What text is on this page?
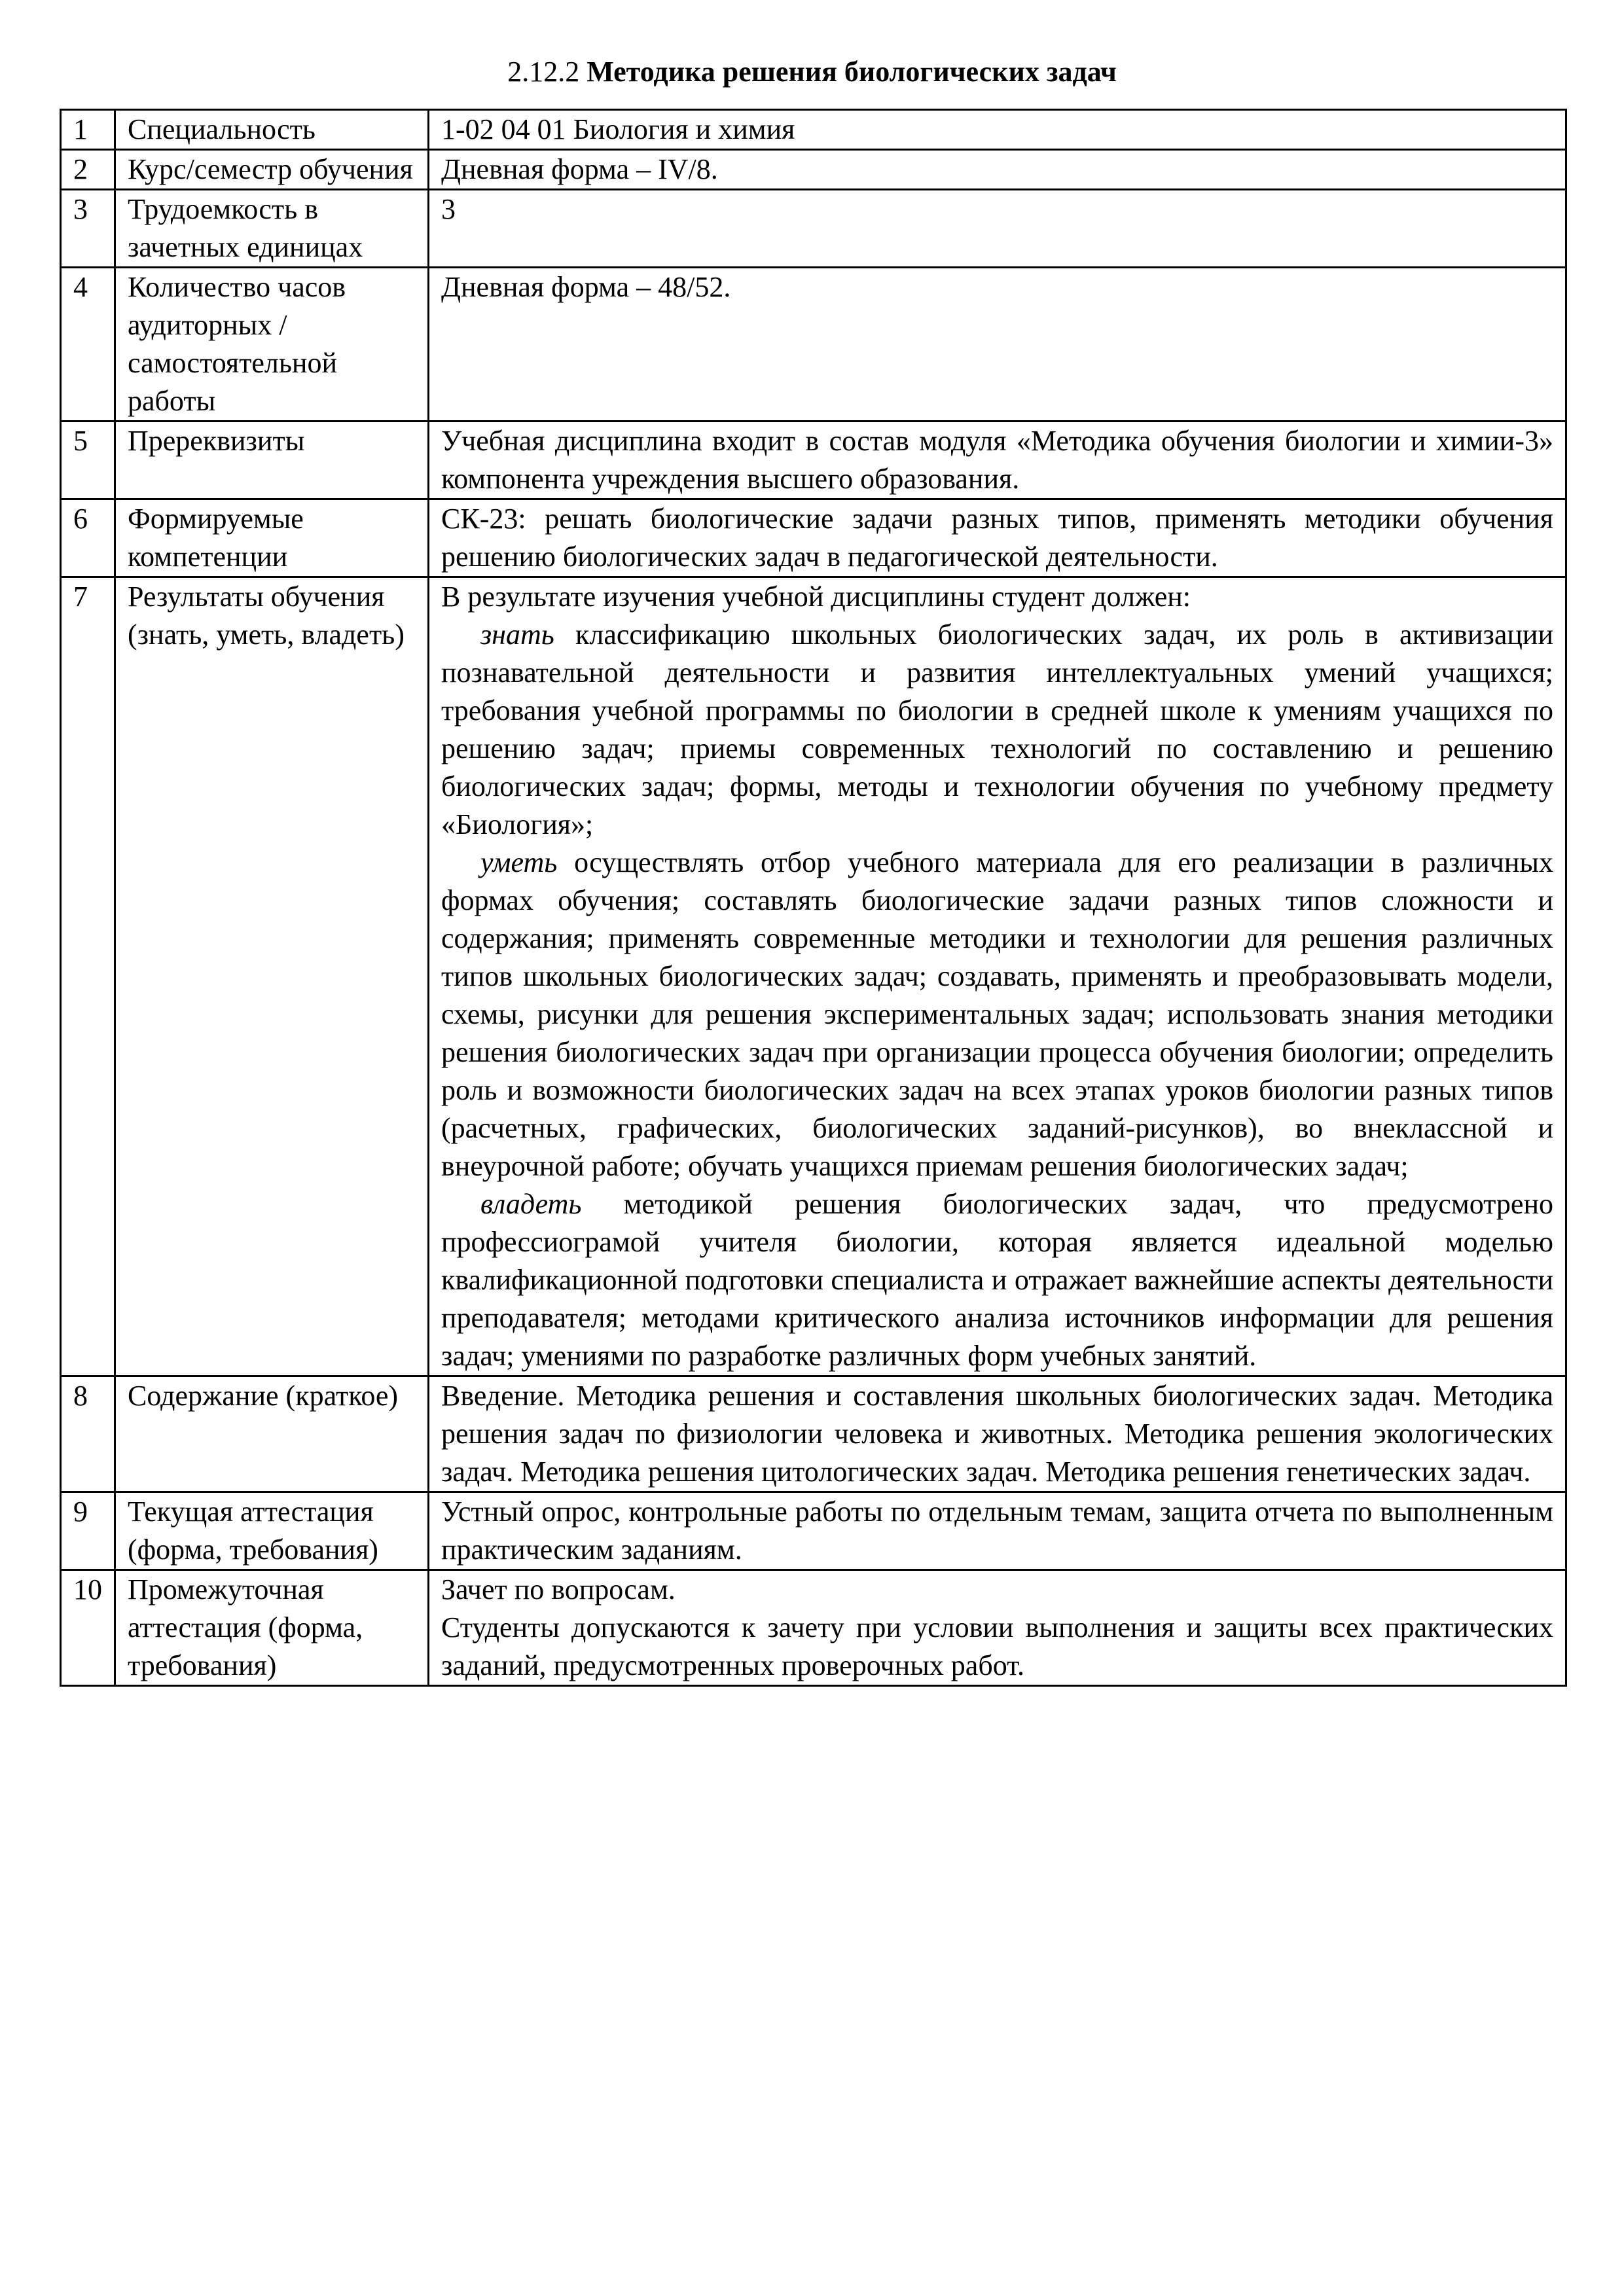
2.12.2 Методика решения биологических задач
1	Специальность	1-02 04 01 Биология и химия

2	Курс/семестр обучения	Дневная форма – IV/8.

3	Трудоемкость в зачетных единицах	3

4	Количество часов аудиторных / самостоятельной работы	Дневная форма – 48/52.

5	Пререквизиты	Учебная дисциплина входит в состав модуля «Методика обучения биологии и химии-3» компонента учреждения высшего образования.

6	Формируемые компетенции	СК-23: решать биологические задачи разных типов, применять методики обучения решению биологических задач в педагогической деятельности.

7	Результаты обучения (знать, уметь, владеть)	В результате изучения учебной дисциплины студент должен:
знать классификацию школьных биологических задач, их роль в активизации познавательной деятельности и развития интеллектуальных умений учащихся; требования учебной программы по биологии в средней школе к умениям учащихся по решению задач; приемы современных технологий по составлению и решению биологических задач; формы, методы и технологии обучения по учебному предмету «Биология»;
уметь осуществлять отбор учебного материала для его реализации в различных формах обучения; составлять биологические задачи разных типов сложности и содержания; применять современные методики и технологии для решения различных типов школьных биологических задач; создавать, применять и преобразовывать модели, схемы, рисунки для решения экспериментальных задач; использовать знания методики решения биологических задач при организации процесса обучения биологии; определить роль и возможности биологических задач на всех этапах уроков биологии разных типов (расчетных, графических, биологических заданий-рисунков), во внеклассной и внеурочной работе; обучать учащихся приемам решения биологических задач;
владеть методикой решения биологических задач, что предусмотрено профессиограмой учителя биологии, которая является идеальной моделью квалификационной подготовки специалиста и отражает важнейшие аспекты деятельности преподавателя; методами критического анализа источников информации для решения задач; умениями по разработке различных форм учебных занятий.

8	Содержание (краткое)	Введение. Методика решения и составления школьных биологических задач. Методика решения задач по физиологии человека и животных. Методика решения экологических задач. Методика решения цитологических задач. Методика решения генетических задач.

9	Текущая аттестация (форма, требования)	Устный опрос, контрольные работы по отдельным темам, защита отчета по выполненным практическим заданиям.

10	Промежуточная аттестация (форма, требования)	Зачет по вопросам.
Студенты допускаются к зачету при условии выполнения и защиты всех практических заданий, предусмотренных проверочных работ.
